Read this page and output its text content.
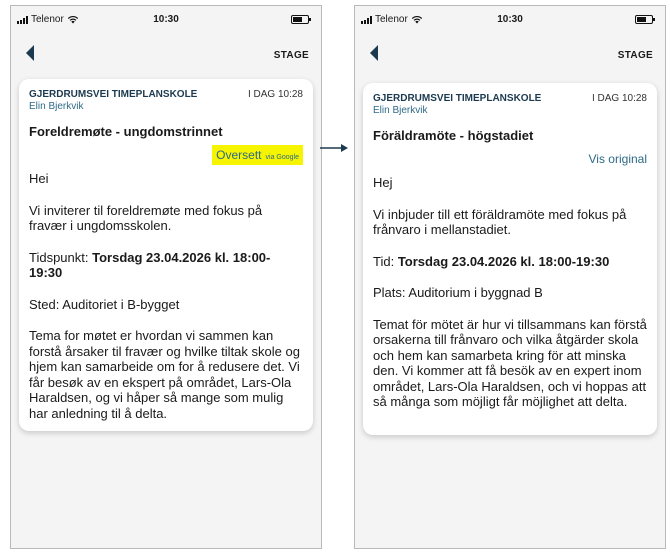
Telenor	10:30
STAGE
GJERDRUMSVEI TIMEPLANSKOLE
Elin Bjerkvik
I DAG 10:28
Foreldremøte - ungdomstrinnet
Oversett via Google

Hei

Vi inviterer til foreldremøte med fokus på fravær i ungdomsskolen.

Tidspunkt: Torsdag 23.04.2026 kl. 18:00-19:30

Sted: Auditoriet i B-bygget

Tema for møtet er hvordan vi sammen kan forstå årsaker til fravær og hvilke tiltak skole og hjem kan samarbeide om for å redusere det. Vi får besøk av en ekspert på området, Lars-Ola Haraldsen, og vi håper så mange som mulig har anledning til å delta.

Telenor	10:30
STAGE
GJERDRUMSVEI TIMEPLANSKOLE
Elin Bjerkvik
I DAG 10:28
Föräldramöte - högstadiet
Vis original

Hej

Vi inbjuder till ett föräldramöte med fokus på frånvaro i mellanstadiet.

Tid: Torsdag 23.04.2026 kl. 18:00-19:30

Plats: Auditorium i byggnad B

Temat för mötet är hur vi tillsammans kan förstå orsakerna till frånvaro och vilka åtgärder skola och hem kan samarbeta kring för att minska den. Vi kommer att få besök av en expert inom området, Lars-Ola Haraldsen, och vi hoppas att så många som möjligt får möjlighet att delta.
